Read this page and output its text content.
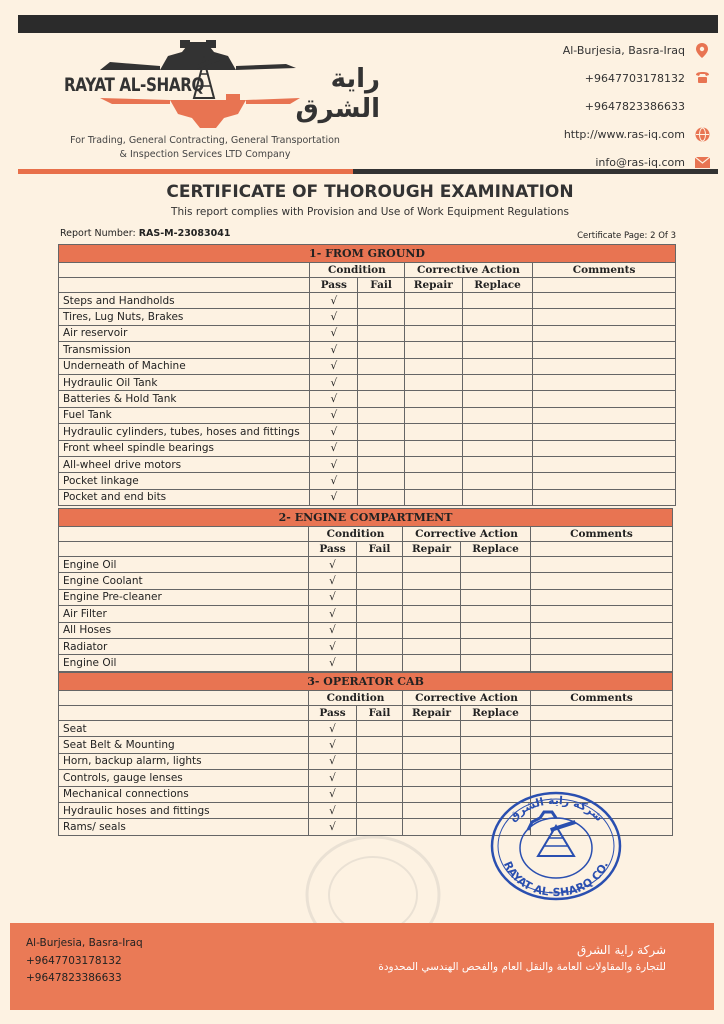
RAYAT AL-SHARQ	راية الشرق
For Trading, General Contracting, General Transportation
& Inspection Services LTD Company
Al-Burjesia, Basra-Iraq
+9647703178132
+9647823386633
http://www.ras-iq.com
info@ras-iq.com
CERTIFICATE OF THOROUGH EXAMINATION
This report complies with Provision and Use of Work Equipment Regulations
Report Number: RAS-M-23083041	Certificate Page: 2 Of 3
1- FROM GROUND					
	Condition		Corrective Action		Comments
	Pass	Fail	Repair	Replace	
Steps and Handholds	√				
Tires, Lug Nuts, Brakes	√				
Air reservoir	√				
Transmission	√				
Underneath of Machine	√				
Hydraulic Oil Tank	√				
Batteries & Hold Tank	√				
Fuel Tank	√				
Hydraulic cylinders, tubes, hoses and fittings	√				
Front wheel spindle bearings	√				
All-wheel drive motors	√				
Pocket linkage	√				
Pocket and end bits	√				
2- ENGINE COMPARTMENT					
	Condition		Corrective Action		Comments
	Pass	Fail	Repair	Replace	
Engine Oil	√				
Engine Coolant	√				
Engine Pre-cleaner	√				
Air Filter	√				
All Hoses	√				
Radiator	√				
Engine Oil	√				
3- OPERATOR CAB					
	Condition		Corrective Action		Comments
	Pass	Fail	Repair	Replace	
Seat	√				
Seat Belt & Mounting	√				
Horn, backup alarm, lights	√				
Controls, gauge lenses	√				
Mechanical connections	√				
Hydraulic hoses and fittings	√				
Rams/ seals	√				
شركة راية الشرق
RAYAT AL-SHARQ CO.
Al-Burjesia, Basra-Iraq
+9647703178132
+9647823386633
شركة راية الشرق
للتجارة والمقاولات العامة والنقل العام والفحص الهندسي المحدودة
